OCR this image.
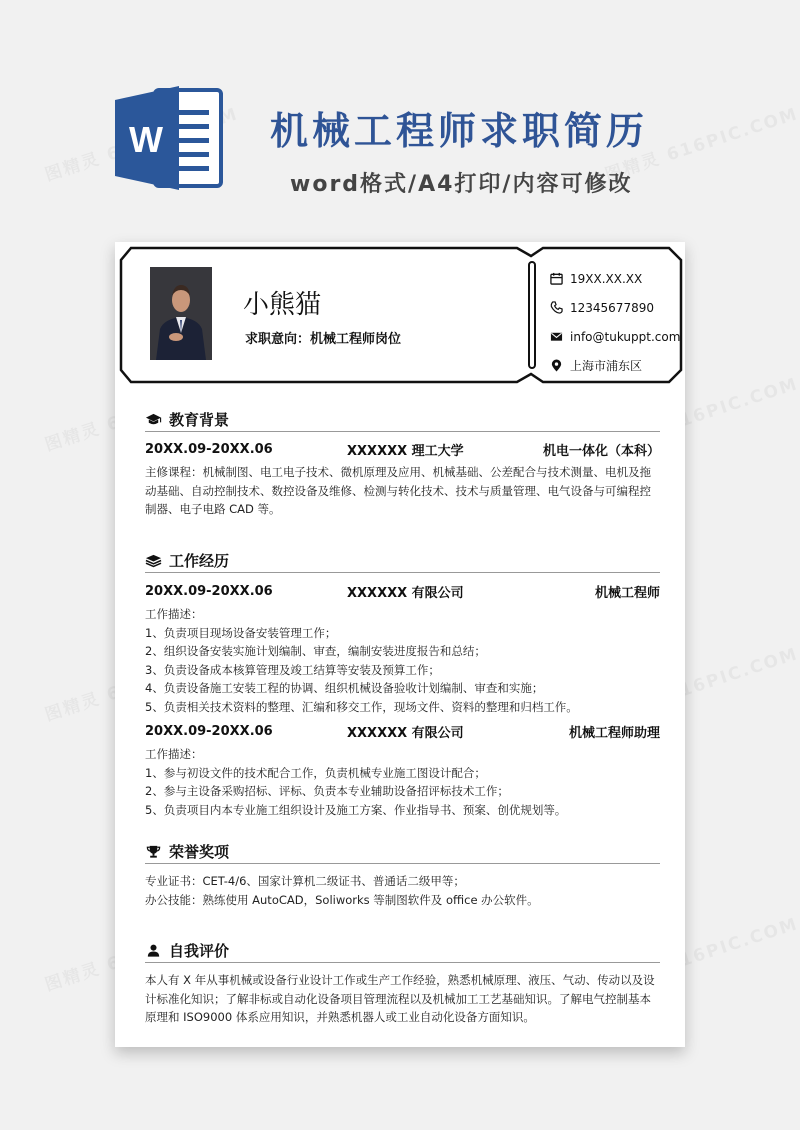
W	机械工程师求职简历
word格式/A4打印/内容可修改
小熊猫
求职意向：机械工程师岗位
19XX.XX.XX
12345677890
info@tukuppt.com
上海市浦东区
教育背景
20XX.09-20XX.06	XXXXXX 理工大学	机电一体化（本科）
主修课程：机械制图、电工电子技术、微机原理及应用、机械基础、公差配合与技术测量、电机及拖
动基础、自动控制技术、数控设备及维修、检测与转化技术、技术与质量管理、电气设备与可编程控
制器、电子电路 CAD 等。
工作经历
20XX.09-20XX.06	XXXXXX 有限公司	机械工程师
工作描述：
1、负责项目现场设备安装管理工作；
2、组织设备安装实施计划编制、审查，编制安装进度报告和总结；
3、负责设备成本核算管理及竣工结算等安装及预算工作；
4、负责设备施工安装工程的协调、组织机械设备验收计划编制、审查和实施；
5、负责相关技术资料的整理、汇编和移交工作，现场文件、资料的整理和归档工作。
20XX.09-20XX.06	XXXXXX 有限公司	机械工程师助理
工作描述：
1、参与初设文件的技术配合工作，负责机械专业施工图设计配合；
2、参与主设备采购招标、评标、负责本专业辅助设备招评标技术工作；
5、负责项目内本专业施工组织设计及施工方案、作业指导书、预案、创优规划等。
荣誉奖项
专业证书：CET-4/6、国家计算机二级证书、普通话二级甲等；
办公技能：熟练使用 AutoCAD，Soliworks 等制图软件及 office 办公软件。
自我评价
本人有 X 年从事机械或设备行业设计工作或生产工作经验，熟悉机械原理、液压、气动、传动以及设
计标准化知识；了解非标或自动化设备项目管理流程以及机械加工工艺基础知识。了解电气控制基本
原理和 ISO9000 体系应用知识，并熟悉机器人或工业自动化设备方面知识。
